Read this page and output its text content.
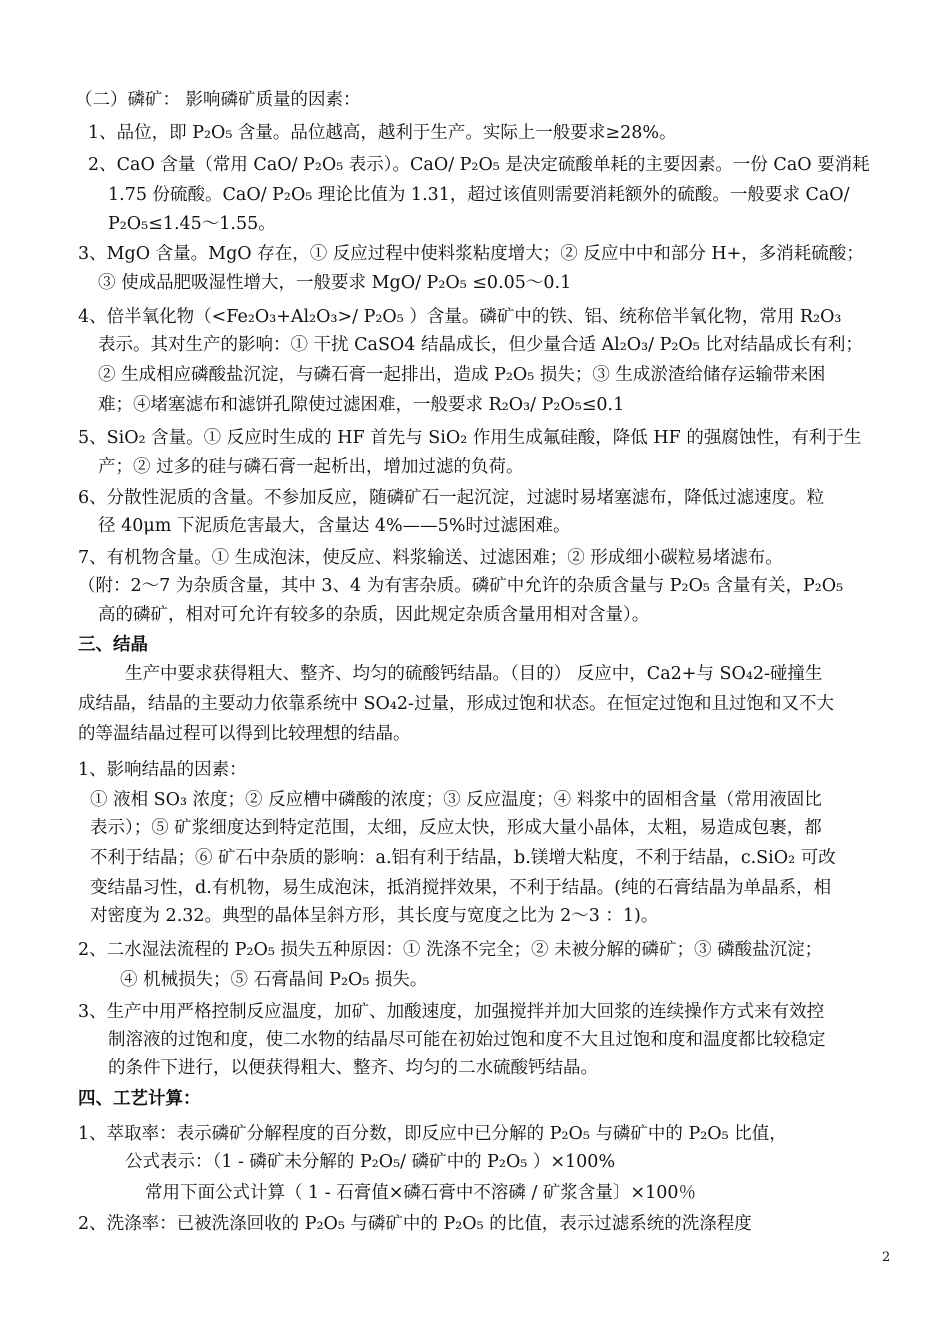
（二）磷矿： 影响磷矿质量的因素：
1、品位，即 P₂O₅ 含量。品位越高，越利于生产。实际上一般要求≥28%。
2、CaO 含量（常用 CaO/ P₂O₅ 表示）。CaO/ P₂O₅ 是决定硫酸单耗的主要因素。一份 CaO 要消耗
1.75 份硫酸。CaO/ P₂O₅ 理论比值为 1.31，超过该值则需要消耗额外的硫酸。一般要求 CaO/
P₂O₅≤1.45～1.55。
3、MgO 含量。MgO 存在，① 反应过程中使料浆粘度增大；② 反应中中和部分 H+，多消耗硫酸；
③ 使成品肥吸湿性增大，一般要求 MgO/ P₂O₅ ≤0.05～0.1
4、倍半氧化物（<Fe₂O₃+Al₂O₃>/ P₂O₅ ）含量。磷矿中的铁、铝、统称倍半氧化物，常用 R₂O₃
表示。其对生产的影响：① 干扰 CaSO4 结晶成长，但少量合适 Al₂O₃/ P₂O₅ 比对结晶成长有利；
② 生成相应磷酸盐沉淀，与磷石膏一起排出，造成 P₂O₅ 损失；③ 生成淤渣给储存运输带来困
难；④堵塞滤布和滤饼孔隙使过滤困难，一般要求 R₂O₃/ P₂O₅≤0.1
5、SiO₂ 含量。① 反应时生成的 HF 首先与 SiO₂ 作用生成氟硅酸，降低 HF 的强腐蚀性，有利于生
产；② 过多的硅与磷石膏一起析出，增加过滤的负荷。
6、分散性泥质的含量。不参加反应，随磷矿石一起沉淀，过滤时易堵塞滤布，降低过滤速度。粒
径 40μm 下泥质危害最大，含量达 4%——5%时过滤困难。
7、有机物含量。① 生成泡沫，使反应、料浆输送、过滤困难；② 形成细小碳粒易堵滤布。
（附：2～7 为杂质含量，其中 3、4 为有害杂质。磷矿中允许的杂质含量与 P₂O₅ 含量有关，P₂O₅
高的磷矿，相对可允许有较多的杂质，因此规定杂质含量用相对含量）。
三、结晶
生产中要求获得粗大、整齐、均匀的硫酸钙结晶。（目的） 反应中，Ca2+与 SO₄2-碰撞生
成结晶，结晶的主要动力依靠系统中 SO₄2-过量，形成过饱和状态。在恒定过饱和且过饱和又不大
的等温结晶过程可以得到比较理想的结晶。
1、影响结晶的因素：
① 液相 SO₃ 浓度；② 反应槽中磷酸的浓度；③ 反应温度；④ 料浆中的固相含量（常用液固比
表示）；⑤ 矿浆细度达到特定范围，太细，反应太快，形成大量小晶体，太粗，易造成包裹，都
不利于结晶；⑥ 矿石中杂质的影响：a.铝有利于结晶，b.镁增大粘度，不利于结晶，c.SiO₂ 可改
变结晶习性，d.有机物，易生成泡沫，抵消搅拌效果，不利于结晶。(纯的石膏结晶为单晶系，相
对密度为 2.32。典型的晶体呈斜方形，其长度与宽度之比为 2～3 ：1)。
2、二水湿法流程的 P₂O₅ 损失五种原因：① 洗涤不完全；② 未被分解的磷矿；③ 磷酸盐沉淀；
④ 机械损失；⑤ 石膏晶间 P₂O₅ 损失。
3、生产中用严格控制反应温度，加矿、加酸速度，加强搅拌并加大回浆的连续操作方式来有效控
制溶液的过饱和度，使二水物的结晶尽可能在初始过饱和度不大且过饱和度和温度都比较稳定
的条件下进行，以便获得粗大、整齐、均匀的二水硫酸钙结晶。
四、工艺计算：
1、萃取率：表示磷矿分解程度的百分数，即反应中已分解的 P₂O₅ 与磷矿中的 P₂O₅ 比值，
公式表示：（1 - 磷矿未分解的 P₂O₅/ 磷矿中的 P₂O₅ ）×100%
常用下面公式计算（ 1 - 石膏值×磷石膏中不溶磷 / 矿浆含量〕×100％
2、洗涤率：已被洗涤回收的 P₂O₅ 与磷矿中的 P₂O₅ 的比值，表示过滤系统的洗涤程度
2
